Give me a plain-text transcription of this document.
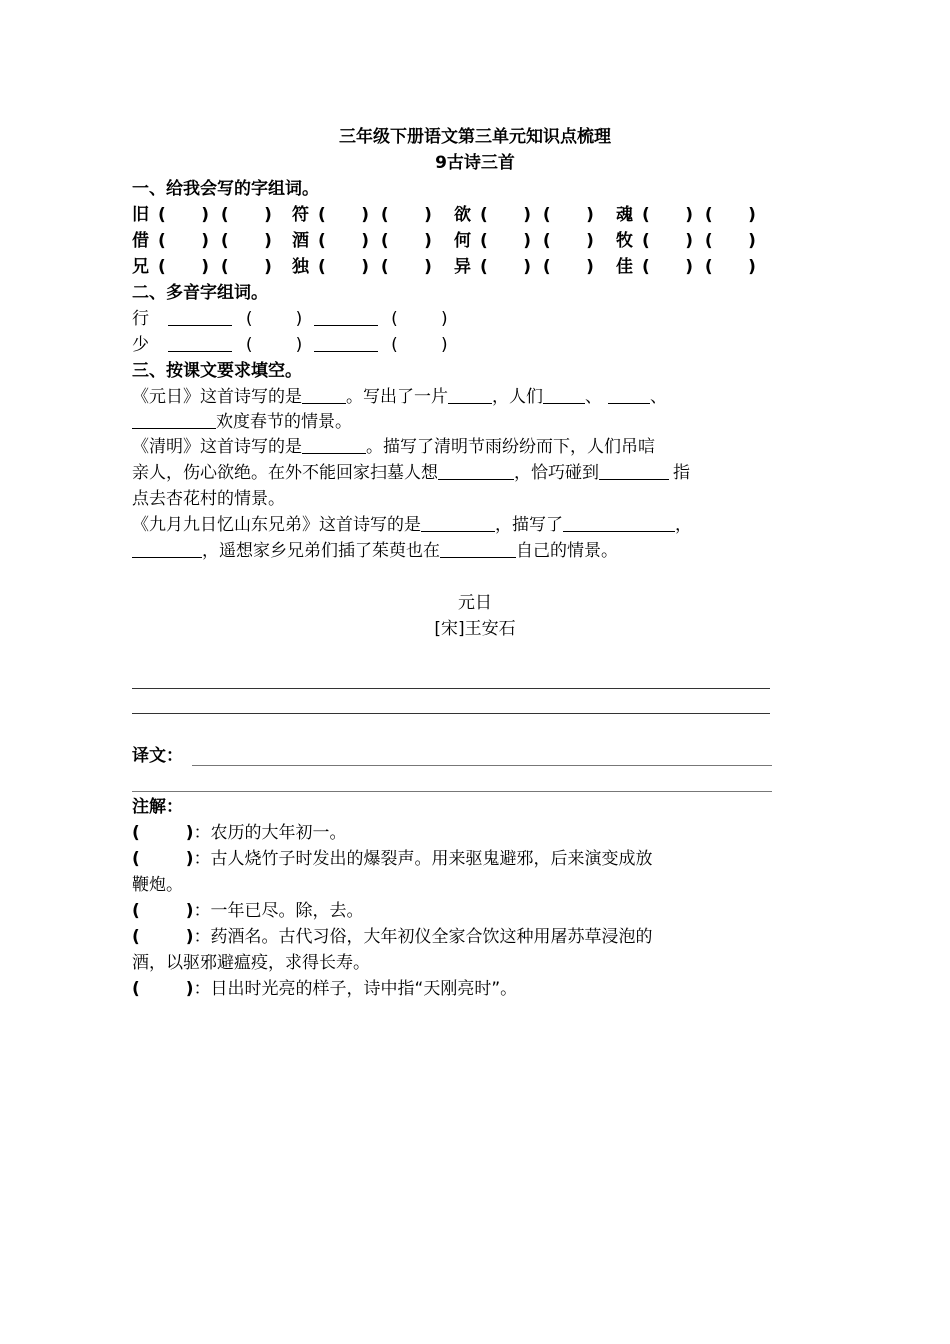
三年级下册语文第三单元知识点梳理
9古诗三首
一、给我会写的字组词。
旧 (      )  (      ) 符 (      )  (      ) 欲 (      )  (      ) 魂 (      )  (      )
借 (      )  (      ) 酒 (      )  (      ) 何 (      )  (      ) 牧 (      )  (      )
兄 (      )  (      ) 独 (      )  (      ) 异 (      )  (      ) 佳 (      )  (      )
二、多音字组词。
行	(        )	(        )
少	(        )	(        )
三、按课文要求填空。
《元日》这首诗写的是	。写出了一片	，人们 、	、
欢度春节的情景。
《清明》这首诗写的是	。描写了清明节雨纷纷而下，人们吊唁
亲人，伤心欲绝。在外不能回家扫墓人想	，恰巧碰到	指
点去杏花村的情景。
《九月九日忆山东兄弟》这首诗写的是	，描写了	，
，遥想家乡兄弟们插了茱萸也在	自己的情景。
元日
[宋]王安石
译文：
注解：
(	)：农历的大年初一。
(	)：古人烧竹子时发出的爆裂声。用来驱鬼避邪，后来演变成放
鞭炮。
(	)：一年已尽。除，去。
(	)：药酒名。古代习俗，大年初仪全家合饮这种用屠苏草浸泡的
酒，以驱邪避瘟疫，求得长寿。
(	)：日出时光亮的样子，诗中指“天刚亮时”。
